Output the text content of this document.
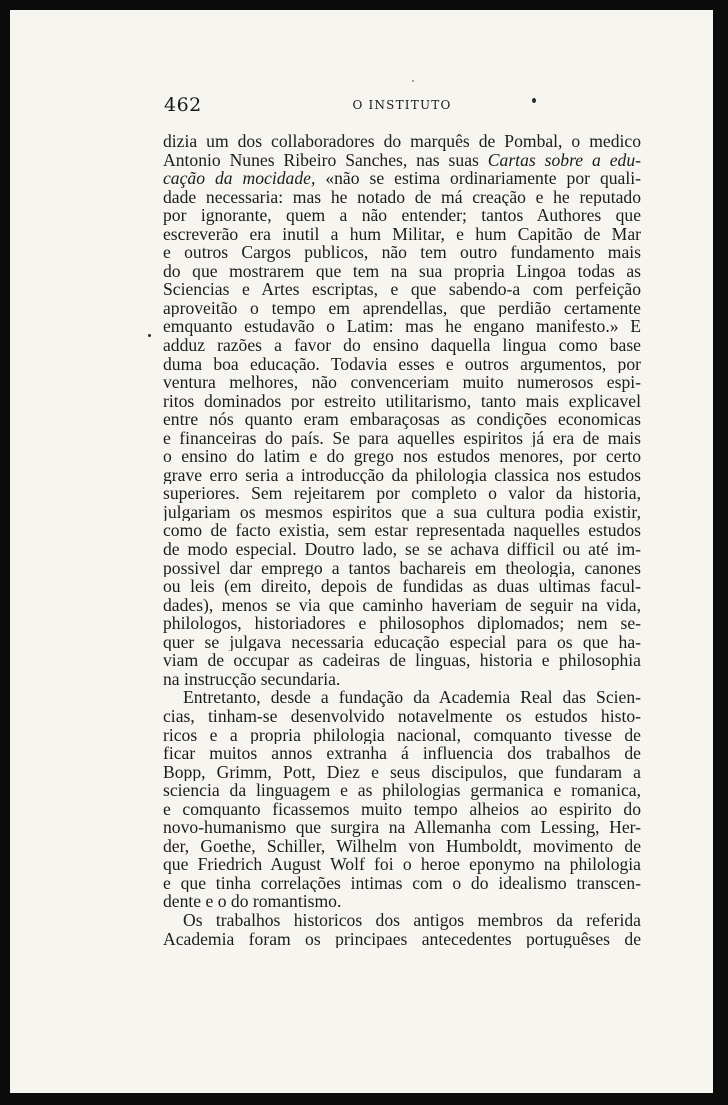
462	O INSTITUTO
dizia um dos collaboradores do marquês de Pombal, o medico
Antonio Nunes Ribeiro Sanches, nas suas Cartas sobre a edu-
cação da mocidade, «não se estima ordinariamente por quali-
dade necessaria: mas he notado de má creação e he reputado
por ignorante, quem a não entender; tantos Authores que
escreverão era inutil a hum Militar, e hum Capitão de Mar
e outros Cargos publicos, não tem outro fundamento mais
do que mostrarem que tem na sua propria Lingoa todas as
Sciencias e Artes escriptas, e que sabendo-a com perfeição
aproveitão o tempo em aprendellas, que perdião certamente
emquanto estudavão o Latim: mas he engano manifesto.» E
adduz razões a favor do ensino daquella lingua como base
duma boa educação. Todavia esses e outros argumentos, por
ventura melhores, não convenceriam muito numerosos espi-
ritos dominados por estreito utilitarismo, tanto mais explicavel
entre nós quanto eram embaraçosas as condições economicas
e financeiras do país. Se para aquelles espiritos já era de mais
o ensino do latim e do grego nos estudos menores, por certo
grave erro seria a introducção da philologia classica nos estudos
superiores. Sem rejeitarem por completo o valor da historia,
julgariam os mesmos espiritos que a sua cultura podia existir,
como de facto existia, sem estar representada naquelles estudos
de modo especial. Doutro lado, se se achava difficil ou até im-
possivel dar emprego a tantos bachareis em theologia, canones
ou leis (em direito, depois de fundidas as duas ultimas facul-
dades), menos se via que caminho haveriam de seguir na vida,
philologos, historiadores e philosophos diplomados; nem se-
quer se julgava necessaria educação especial para os que ha-
viam de occupar as cadeiras de linguas, historia e philosophia
na instrucção secundaria.
Entretanto, desde a fundação da Academia Real das Scien-
cias, tinham-se desenvolvido notavelmente os estudos histo-
ricos e a propria philologia nacional, comquanto tivesse de
ficar muitos annos extranha á influencia dos trabalhos de
Bopp, Grimm, Pott, Diez e seus discipulos, que fundaram a
sciencia da linguagem e as philologias germanica e romanica,
e comquanto ficassemos muito tempo alheios ao espirito do
novo-humanismo que surgira na Allemanha com Lessing, Her-
der, Goethe, Schiller, Wilhelm von Humboldt, movimento de
que Friedrich August Wolf foi o heroe eponymo na philologia
e que tinha correlações intimas com o do idealismo transcen-
dente e o do romantismo.
Os trabalhos historicos dos antigos membros da referida
Academia foram os principaes antecedentes portuguêses de
